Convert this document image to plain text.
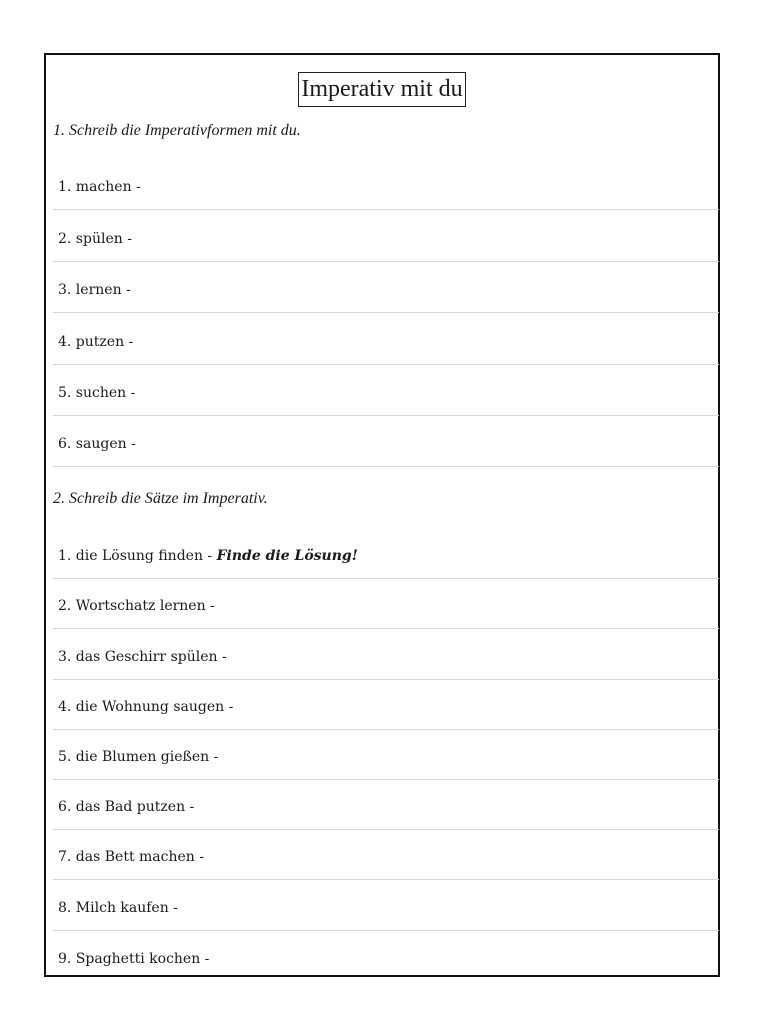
Imperativ mit du
1. Schreib die Imperativformen mit du.
1. machen -
2. spülen -
3. lernen -
4. putzen -
5. suchen -
6. saugen -
2. Schreib die Sätze im Imperativ.
1. die Lösung finden - Finde die Lösung!
2. Wortschatz lernen -
3. das Geschirr spülen -
4. die Wohnung saugen -
5. die Blumen gießen -
6. das Bad putzen -
7. das Bett machen -
8. Milch kaufen -
9. Spaghetti kochen -
